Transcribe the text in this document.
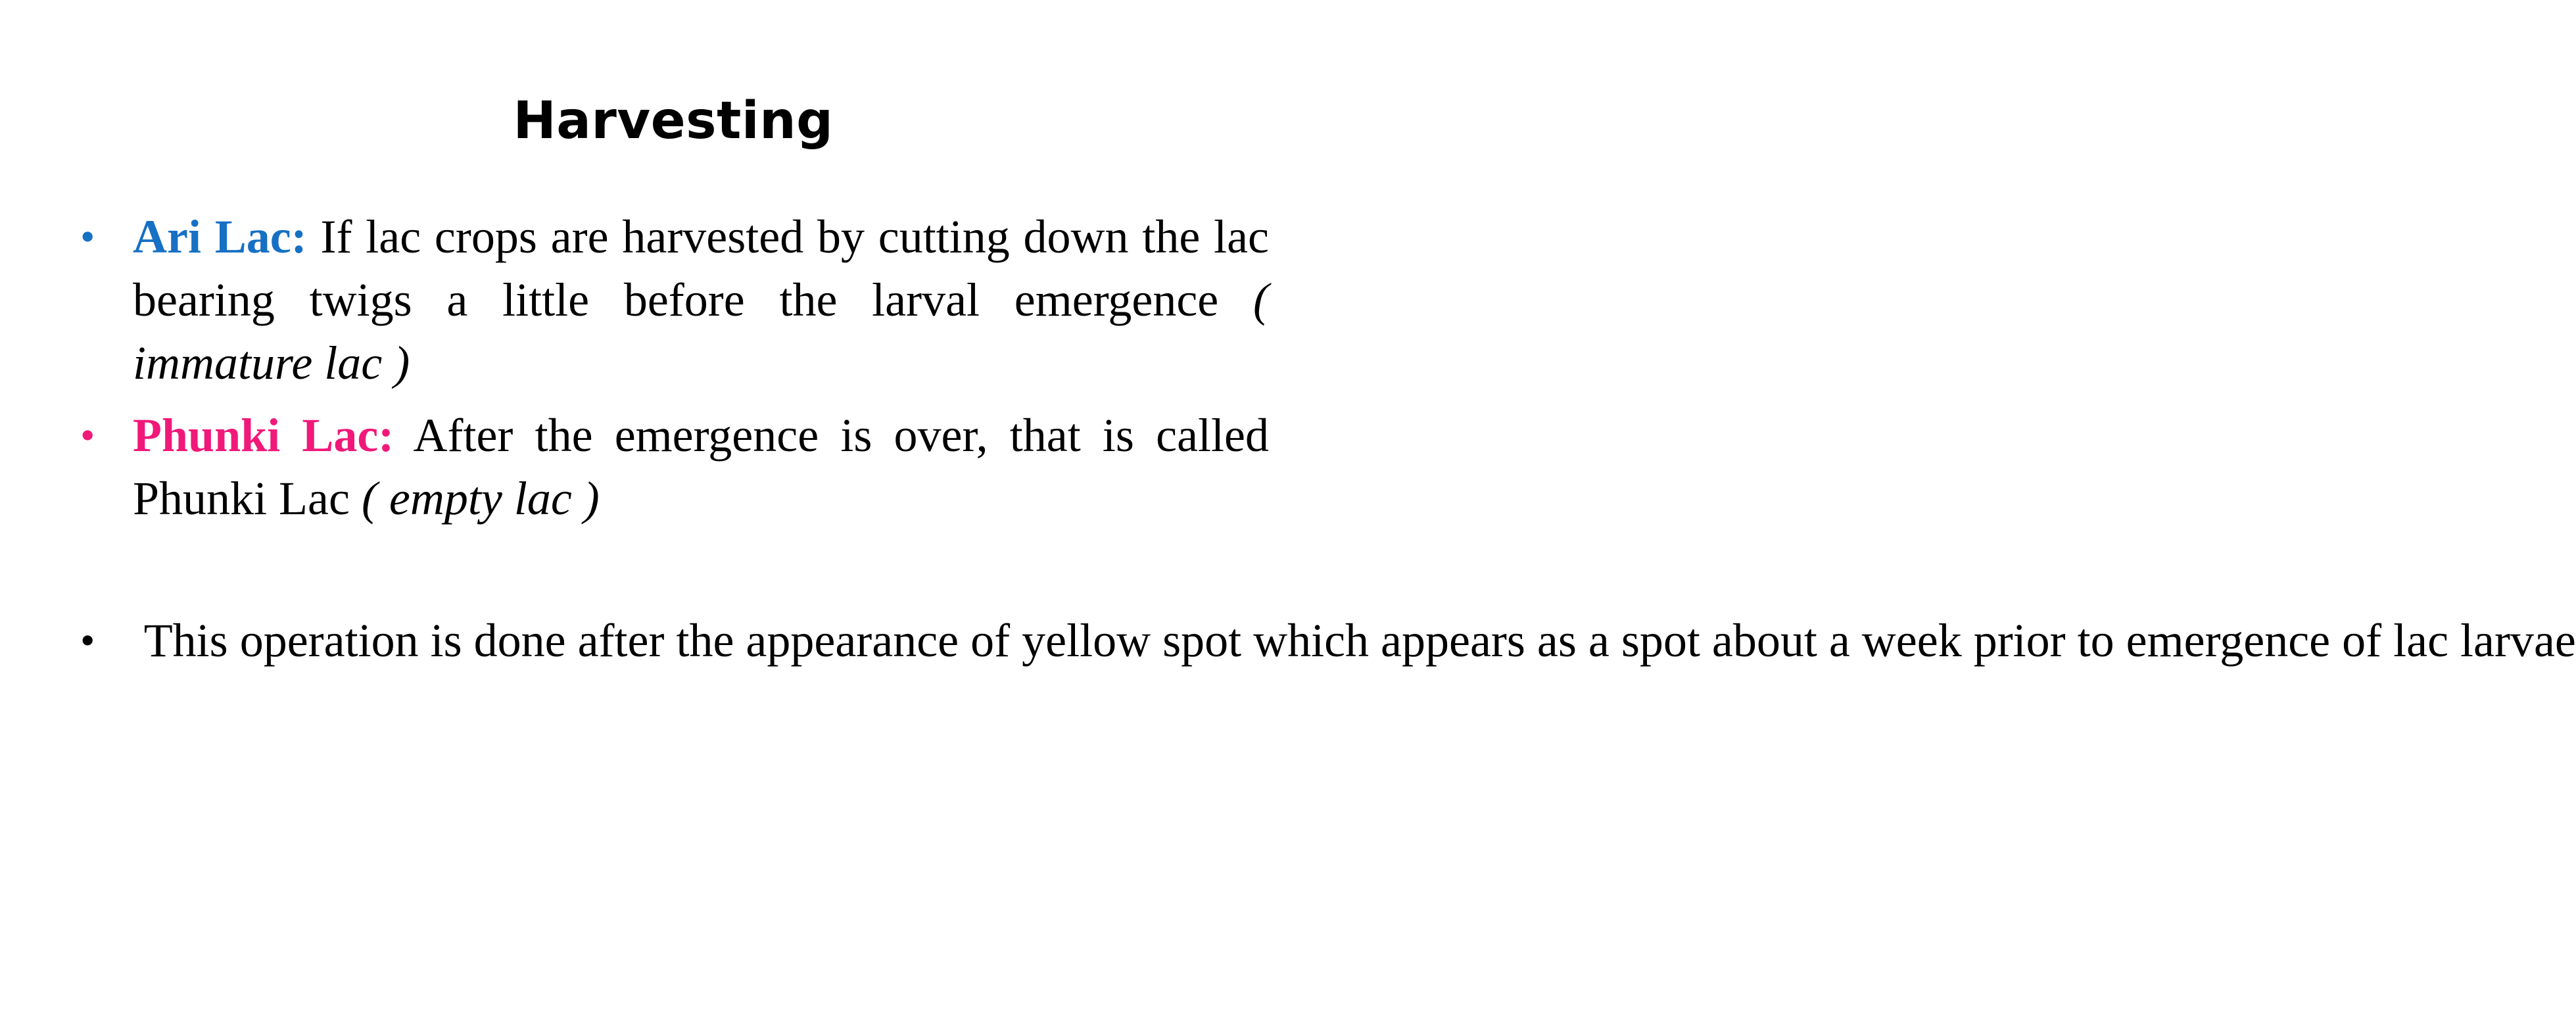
Harvesting
• Ari Lac: If lac crops are harvested by cutting down the lac bearing twigs a little before the larval emergence ( immature lac )
• Phunki Lac: After the emergence is over, that is called Phunki Lac ( empty lac )
• This operation is done after the appearance of yellow spot which appears as a spot about a week prior to emergence of lac larvae
